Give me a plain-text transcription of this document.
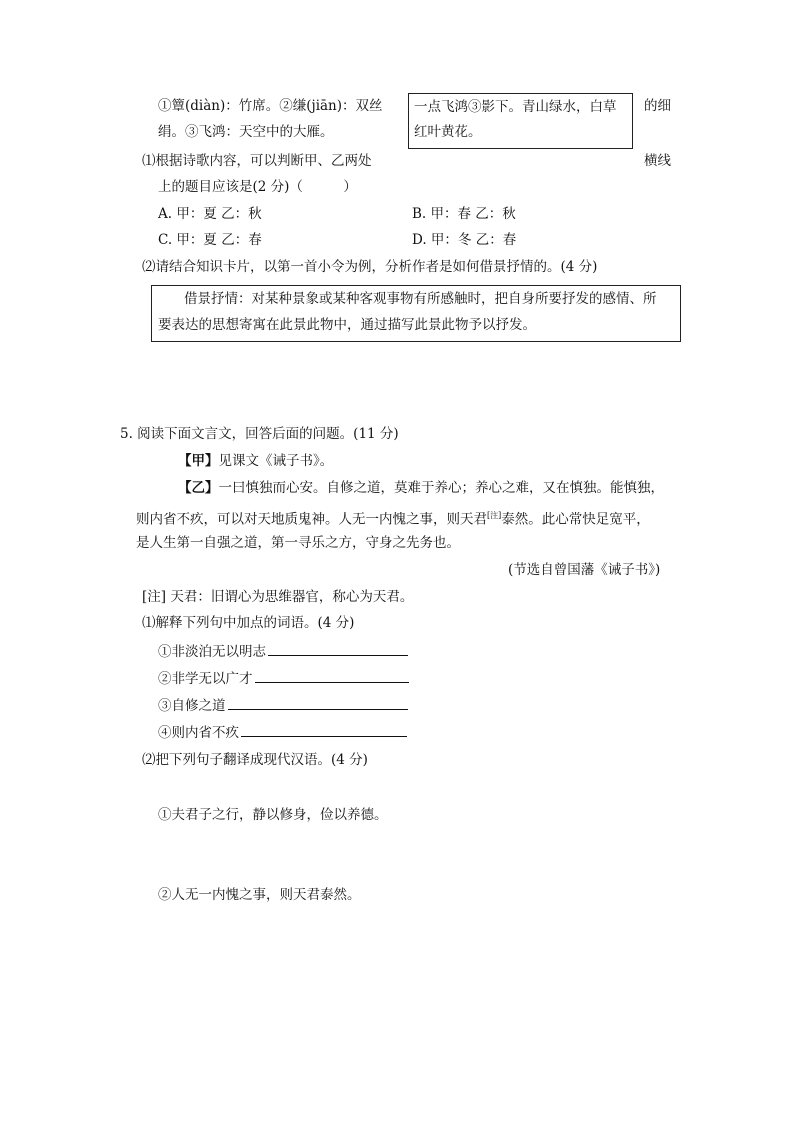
①簟(diàn)：竹席。②缣(jiān)：双丝
绢。③飞鸿：天空中的大雁。
一点飞鸿③影下。青山绿水，白草
红叶黄花。
的细
⑴根据诗歌内容，可以判断甲、乙两处	横线
上的题目应该是(2 分)（　　　）
A. 甲：夏 乙：秋	B. 甲：春 乙：秋
C. 甲：夏 乙：春	D. 甲：冬 乙：春
⑵请结合知识卡片，以第一首小令为例，分析作者是如何借景抒情的。(4 分)
借景抒情：对某种景象或某种客观事物有所感触时，把自身所要抒发的感情、所
要表达的思想寄寓在此景此物中，通过描写此景此物予以抒发。
5. 阅读下面文言文，回答后面的问题。(11 分)
【甲】见课文《诫子书》。
【乙】一曰慎独而心安。自修之道，莫难于养心；养心之难，又在慎独。能慎独，
则内省不疚，可以对天地质鬼神。人无一内愧之事，则天君[注]泰然。此心常快足宽平，
是人生第一自强之道，第一寻乐之方，守身之先务也。
(节选自曾国藩《诫子书》)
[注] 天君：旧谓心为思维器官，称心为天君。
⑴解释下列句中加点的词语。(4 分)
①非淡泊无以明志
②非学无以广才
③自修之道
④则内省不疚
⑵把下列句子翻译成现代汉语。(4 分)
①夫君子之行，静以修身，俭以养德。
②人无一内愧之事，则天君泰然。
